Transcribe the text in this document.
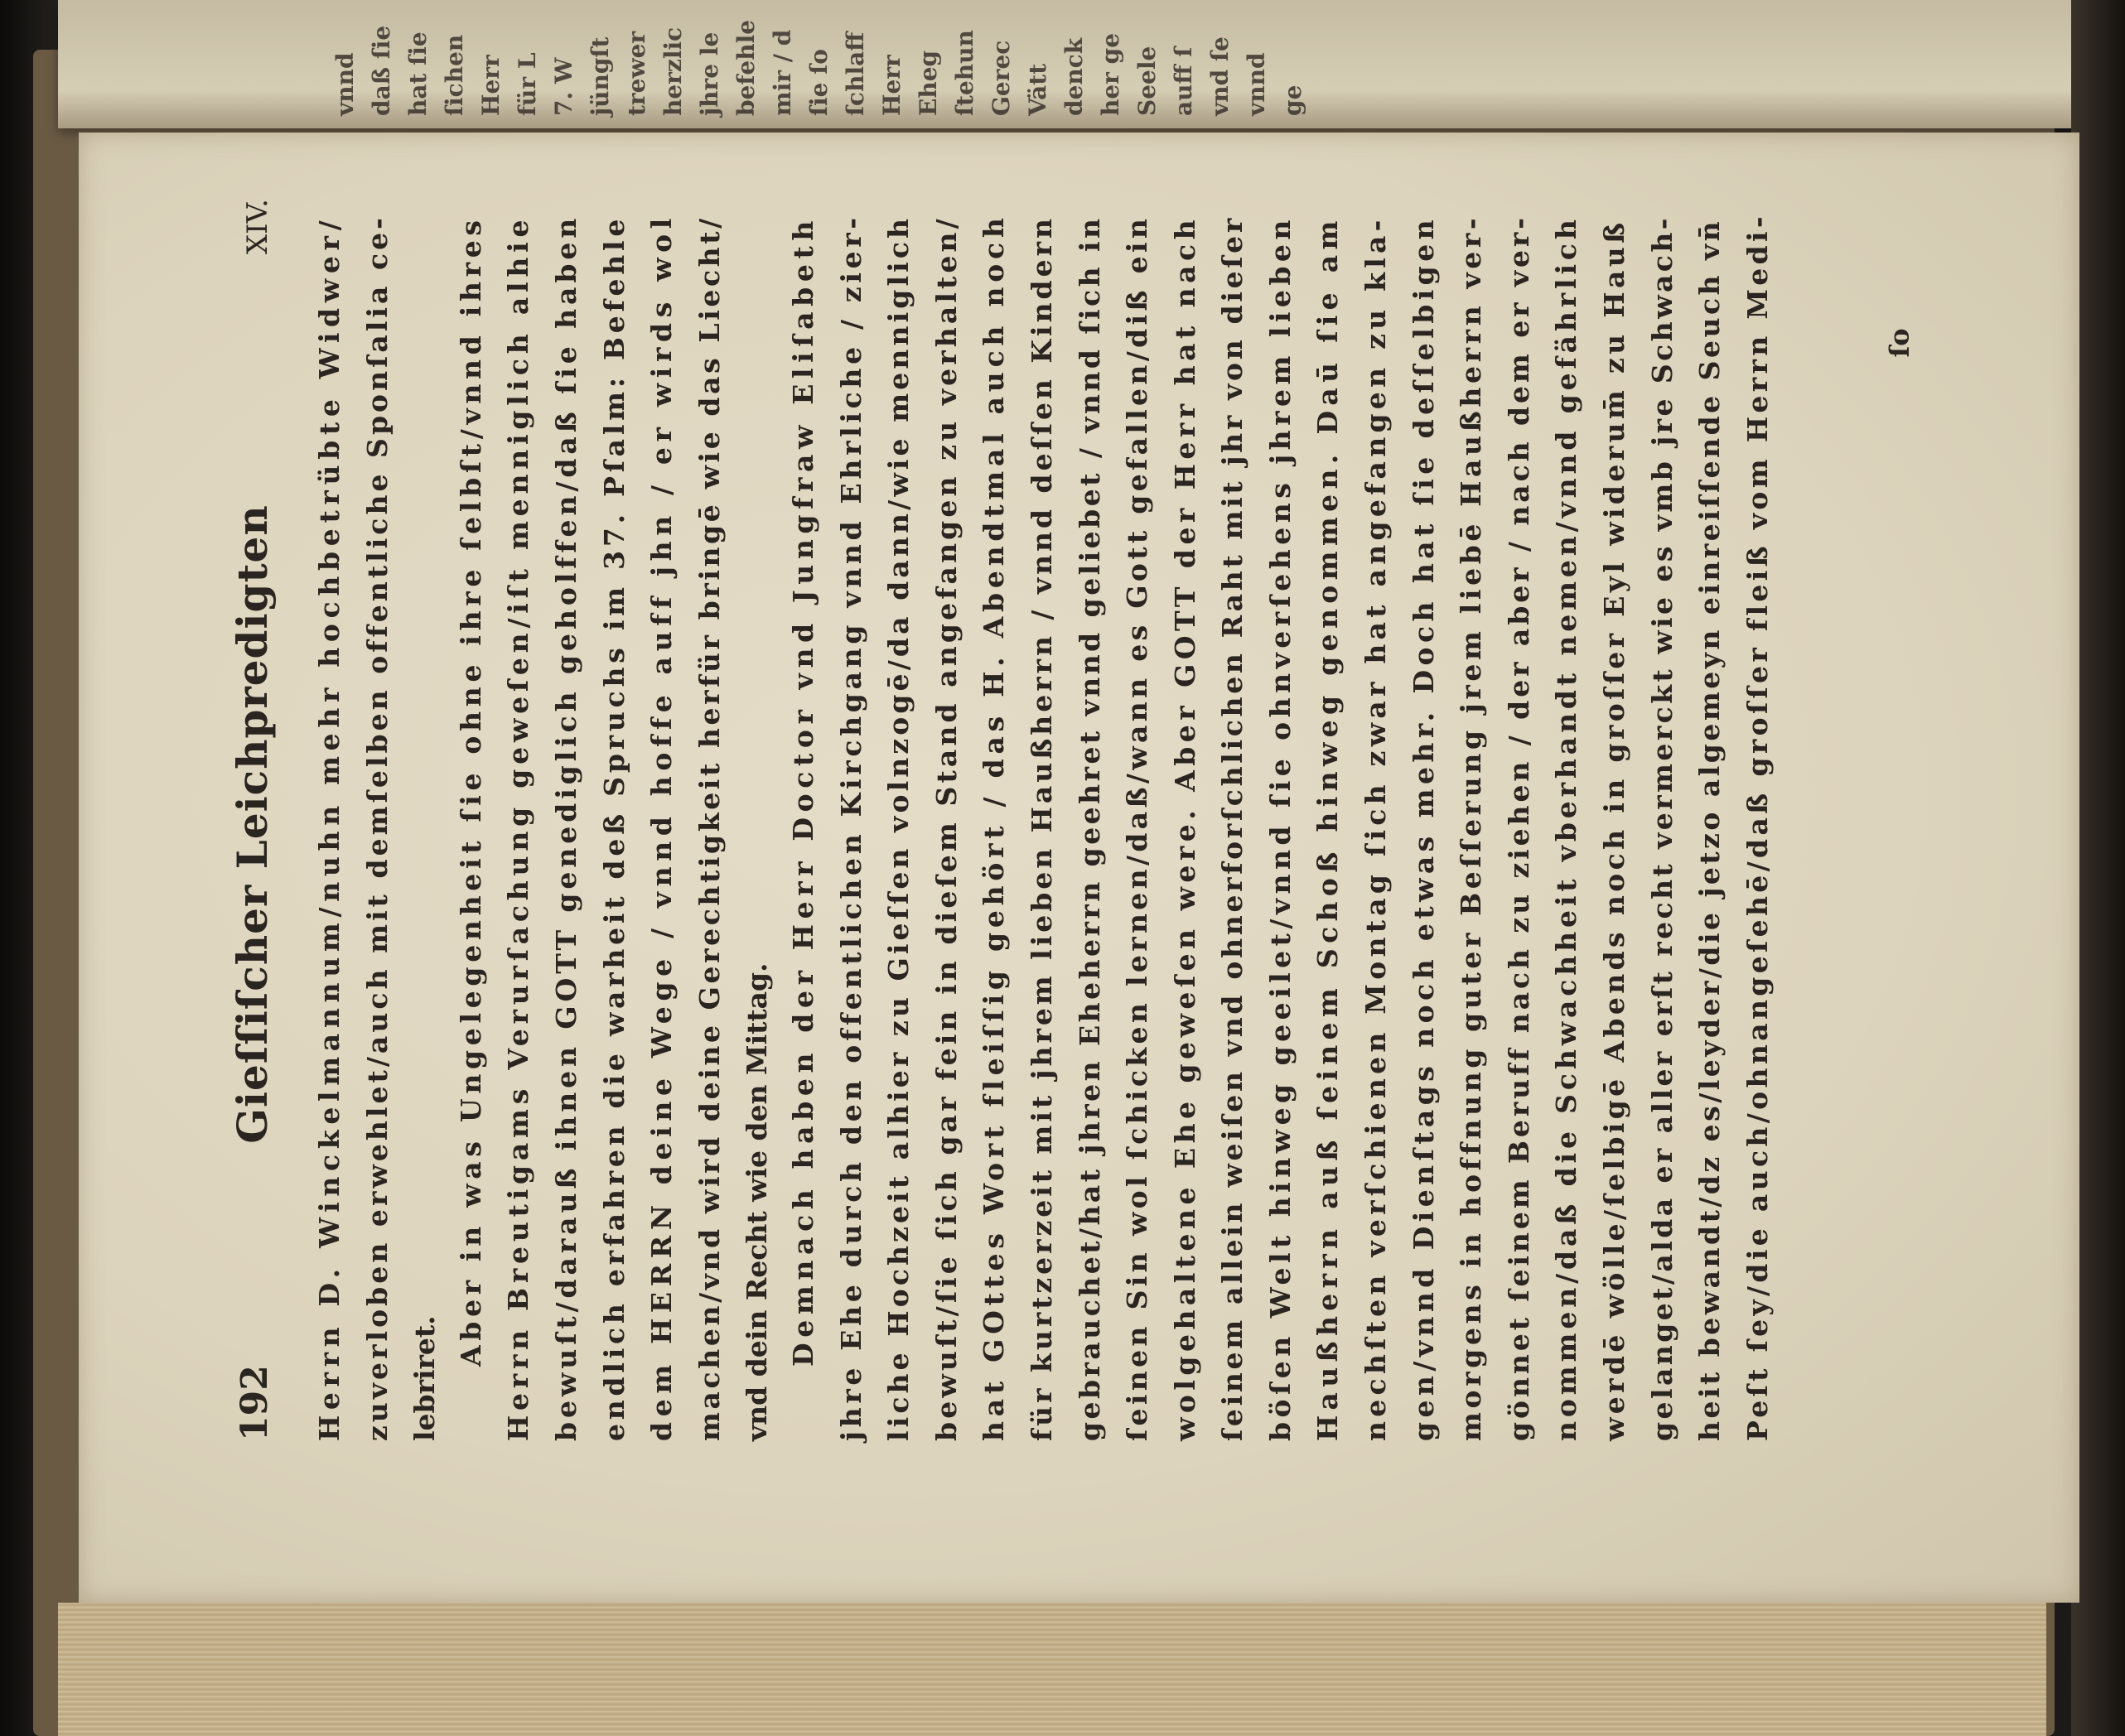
vnnd daß ſie hat ſie ſichen Herr für L 7. W jüngſt trewer herzlic jhre le befehle mir / d ſie ſo ſchlaff Herr Eheg ſtehun Gerec Vätt denck her ge Seele auff ſ vnd ſe vnnd ge
192
Gieſſiſcher Leichpredigten
XIV. Herrn D. Winckelmannum/nuhn mehr hochbetrübte Widwer/ zuverloben erwehlet/auch mit demſelben offentliche Sponſalia ce- lebriret.
Aber in was Ungelegenheit ſie ohne ihre ſelbſt/vnnd ihres Herrn Breutigams Verurſachung geweſen/iſt menniglich alhie bewuſt/darauß ihnen GOTT genediglich geholffen/daß ſie haben endlich erfahren die warheit deß Spruchs im 37. Pſalm: Befehle dem HERRN deine Wege / vnnd hoffe auff jhn / er wirds wol machen/vnd wird deine Gerechtigkeit herfür bringē wie das Liecht/ vnd dein Recht wie den Mittag. Demnach haben der Herr Doctor vnd Jungfraw Eliſabeth jhre Ehe durch den offentlichen Kirchgang vnnd Ehrliche / zier- liche Hochzeit alhier zu Gieſſen volnzogē/da dann/wie menniglich bewuſt/ſie ſich gar fein in dieſem Stand angefangen zu verhalten/ hat GOttes Wort fleiſſig gehört / das H. Abendtmal auch noch für kurtzerzeit mit jhrem lieben Haußherrn / vnnd deſſen Kindern gebrauchet/hat jhren Eheherrn geehret vnnd geliebet / vnnd ſich in ſeinen Sin wol ſchicken lernen/daß/wann es Gott gefallen/diß ein wolgehaltene Ehe geweſen were. Aber GOTT der Herr hat nach ſeinem allein weiſen vnd ohnerforſchlichen Raht mit jhr von dieſer böſen Welt hinweg geeilet/vnnd ſie ohnverſehens jhrem lieben Haußherrn auß ſeinem Schoß hinweg genommen. Daū ſie am nechſten verſchienen Montag ſich zwar hat angefangen zu kla- gen/vnnd Dienſtags noch etwas mehr. Doch hat ſie deſſelbigen morgens in hoffnung guter Beſſerung jrem liebē Haußherrn ver- gönnet ſeinem Beruff nach zu ziehen / der aber / nach dem er ver- nommen/daß die Schwachheit vberhandt nemen/vnnd gefährlich werdē wölle/ſelbigē Abends noch in groſſer Eyl widerum̄ zu Hauß gelanget/alda er aller erſt recht vermerckt wie es vmb jre Schwach- heit bewandt/dz es/leyder/die jetzo algemeyn einreiſſende Seuch vn̄ Peſt ſey/die auch/ohnangeſehē/daß groſſer fleiß vom Herrn Medi-	ſo
